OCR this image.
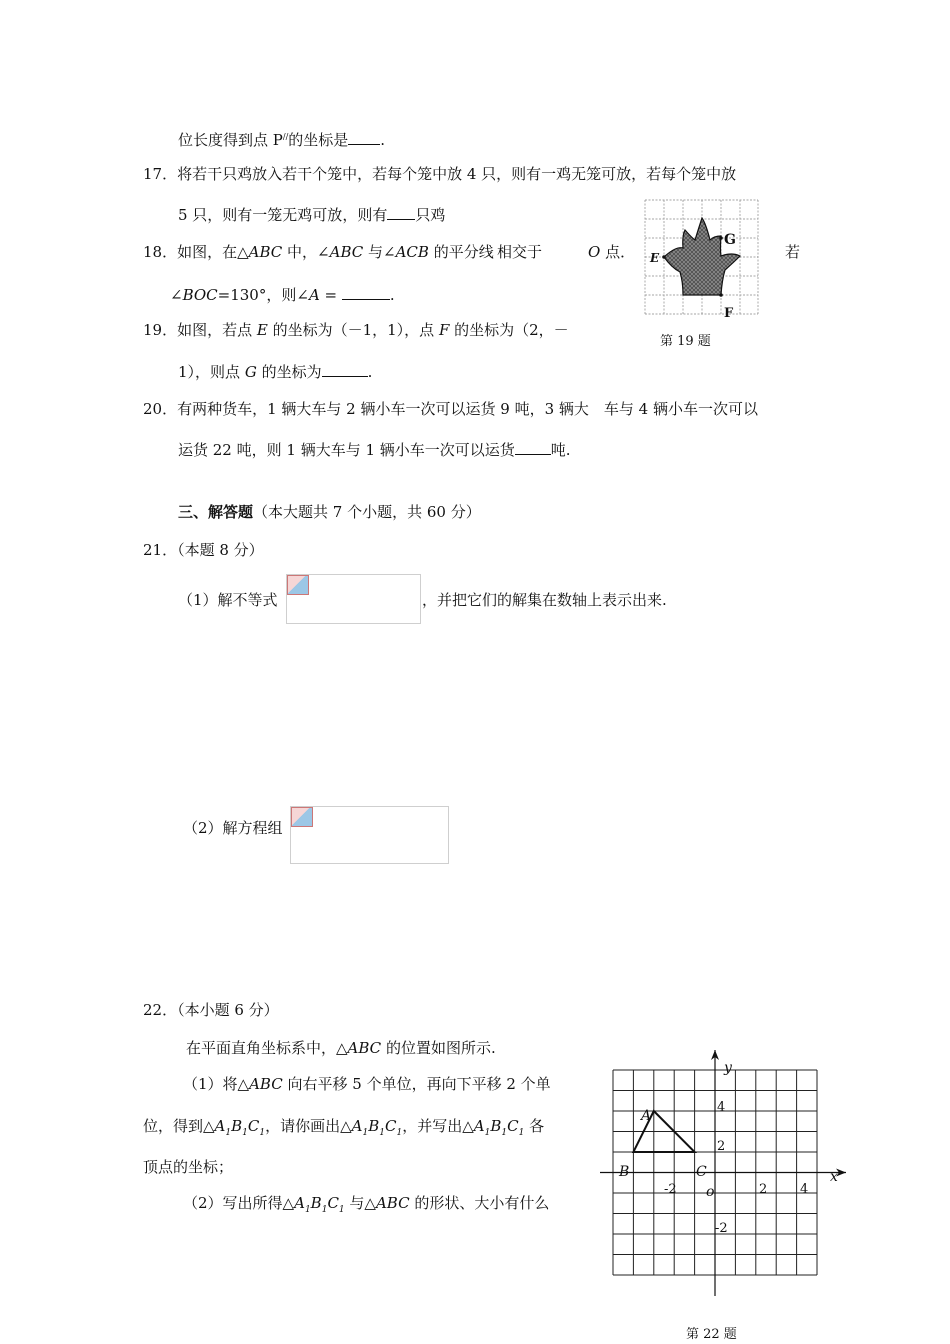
位长度得到点 P//的坐标是 .
17．将若干只鸡放入若干个笼中，若每个笼中放 4 只，则有一鸡无笼可放，若每个笼中放
5 只，则有一笼无鸡可放，则有 只鸡
18．如图，在△ABC 中，∠ABC 与∠ACB 的平分线 相交于	O 点．	若
∠BOC=130°，则∠A =	.
E
G
F
第 19 题
19．如图，若点 E 的坐标为（－1，1），点 F 的坐标为（2，－
1），则点 G 的坐标为	.
20．有两种货车，1 辆大车与 2 辆小车一次可以运货 9 吨，3 辆大　车与 4 辆小车一次可以
运货 22 吨，则 1 辆大车与 1 辆小车一次可以运货 吨.
三、解答题（本大题共 7 个小题，共 60 分）
21．（本题 8 分）
（1）解不等式	，并把它们的解集在数轴上表示出来.
（2）解方程组
22．（本小题 6 分）
在平面直角坐标系中，△ABC 的位置如图所示.
（1）将△ABC 向右平移 5 个单位，再向下平移 2 个单
位，得到$\triangle A_1B_1C_1$，请你画出$\triangle A_1B_1C_1$，并写出$\triangle A_1B_1C_1$ 各
顶点的坐标；
（2）写出所得$\triangle A_1B_1C_1$ 与△ABC 的形状、大小有什么
y
x
o
A
B	C
-2	2	4
4
2
-2
第 22 题
